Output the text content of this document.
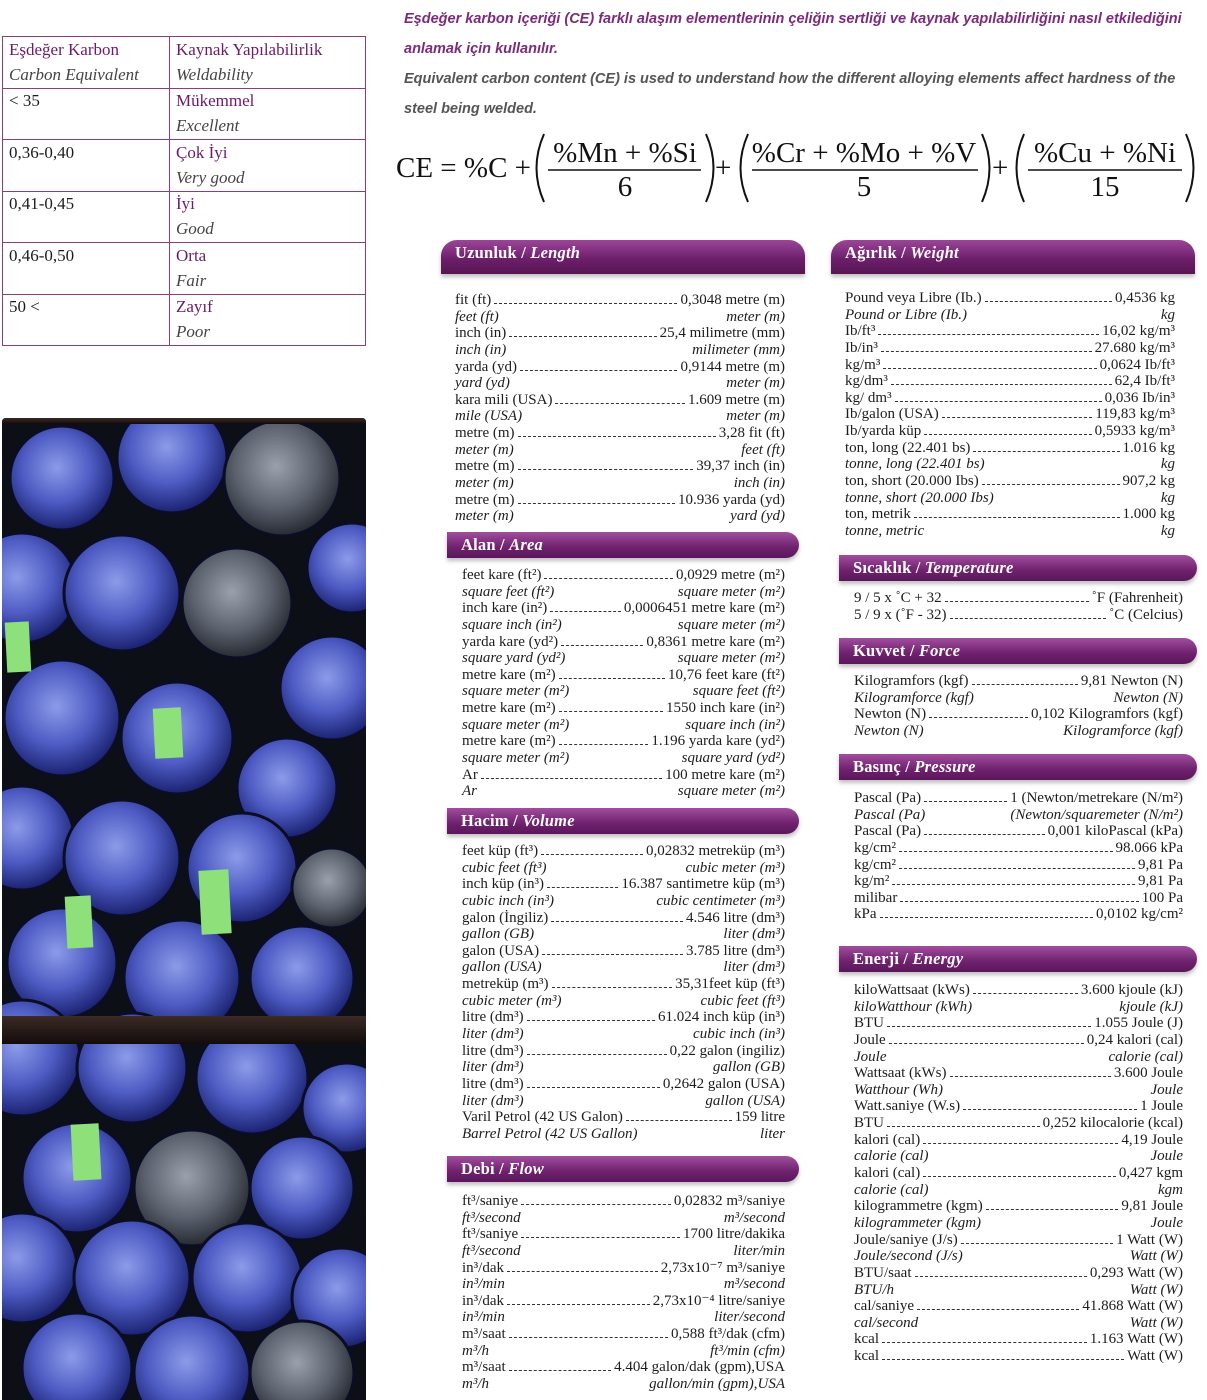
Eşdeğer karbon içeriği (CE) farklı alaşım elementlerinin çeliğin sertliği ve kaynak yapılabilirliğini nasıl etkilediğini anlamak için kullanılır.
Equivalent carbon content (CE) is used to understand how the different alloying elements affect hardness of the steel being welded.
CE = %C + %Mn + %Si
6
+ %Cr + %Mo + %V
5
+ %Cu + %Ni
15
Eşdeğer Karbon	Kaynak Yapılabilirlik
Carbon Equivalent	Weldability
< 35	Mükemmel
	Excellent
0,36-0,40	Çok İyi
	Very good
0,41-0,45	İyi
	Good
0,46-0,50	Orta
	Fair
50 <	Zayıf
	Poor
Uzunluk / Length
fit (ft)	0,3048 metre (m)
feet (ft)	meter (m)
inch (in)	25,4 milimetre (mm)
inch (in)	milimeter (mm)
yarda (yd)	0,9144 metre (m)
yard (yd)	meter (m)
kara mili (USA)	1.609 metre (m)
mile (USA)	meter (m)
metre (m)	3,28 fit (ft)
meter (m)	feet (ft)
metre (m)	39,37 inch (in)
meter (m)	inch (in)
metre (m)	10.936 yarda (yd)
meter (m)	yard (yd)
Alan / Area
feet kare (ft²)	0,0929 metre (m²)
square feet (ft²)	square meter (m²)
inch kare (in²)	0,0006451 metre kare (m²)
square inch (in²)	square meter (m²)
yarda kare (yd²)	0,8361 metre kare (m²)
square yard (yd²)	square meter (m²)
metre kare (m²)	10,76 feet kare (ft²)
square meter (m²)	square feet (ft²)
metre kare (m²)	1550 inch kare (in²)
square meter (m²)	square inch (in²)
metre kare (m²)	1.196 yarda kare (yd²)
square meter (m²)	square yard (yd²)
Ar	100 metre kare (m²)
Ar	square meter (m²)
Hacim / Volume
feet küp (ft³)	0,02832 metreküp (m³)
cubic feet (ft³)	cubic meter (m³)
inch küp (in³)	16.387 santimetre küp (m³)
cubic inch (in³)	cubic centimeter (m³)
galon (İngiliz)	4.546 litre (dm³)
gallon (GB)	liter (dm³)
galon (USA)	3.785 litre (dm³)
gallon (USA)	liter (dm³)
metreküp (m³)	35,31feet küp (ft³)
cubic meter (m³)	cubic feet (ft³)
litre (dm³)	61.024 inch küp (in³)
liter (dm³)	cubic inch (in³)
litre (dm³)	0,22 galon (ingiliz)
liter (dm³)	gallon (GB)
litre (dm³)	0,2642 galon (USA)
liter (dm³)	gallon (USA)
Varil Petrol (42 US Galon)	159 litre
Barrel Petrol (42 US Gallon)	liter
Debi / Flow
ft³/saniye	0,02832 m³/saniye
ft³/second	m³/second
ft³/saniye	1700 litre/dakika
ft³/second	liter/min
in³/dak	2,73x10⁻⁷ m³/saniye
in³/min	m³/second
in³/dak	2,73x10⁻⁴ litre/saniye
in³/min	liter/second
m³/saat	0,588 ft³/dak (cfm)
m³/h	ft³/min (cfm)
m³/saat	4.404 galon/dak (gpm),USA
m³/h	gallon/min (gpm),USA
Ağırlık / Weight
Pound veya Libre (Ib.)	0,4536 kg
Pound or Libre (Ib.)	kg
Ib/ft³	16,02 kg/m³
Ib/in³	27.680 kg/m³
kg/m³	0,0624 Ib/ft³
kg/dm³	62,4 Ib/ft³
kg/ dm³	0,036 Ib/in³
Ib/galon (USA)	119,83 kg/m³
Ib/yarda küp	0,5933 kg/m³
ton, long (22.401 bs)	1.016 kg
tonne, long (22.401 bs)	kg
ton, short (20.000 Ibs)	907,2 kg
tonne, short (20.000 Ibs)	kg
ton, metrik	1.000 kg
tonne, metric	kg
Sıcaklık / Temperature
9 / 5 x ˚C + 32	˚F (Fahrenheit)
5 / 9 x (˚F - 32)	˚C (Celcius)
Kuvvet / Force
Kilogramfors (kgf)	9,81 Newton (N)
Kilogramforce (kgf)	Newton (N)
Newton (N)	0,102 Kilogramfors (kgf)
Newton (N)	Kilogramforce (kgf)
Basınç / Pressure
Pascal (Pa)	1 (Newton/metrekare (N/m²)
Pascal (Pa)	(Newton/squaremeter (N/m²)
Pascal (Pa)	0,001 kiloPascal (kPa)
kg/cm²	98.066 kPa
kg/cm²	9,81 Pa
kg/m²	9,81 Pa
milibar	100 Pa
kPa	0,0102 kg/cm²
Enerji / Energy
kiloWattsaat (kWs)	3.600 kjoule (kJ)
kiloWatthour (kWh)	kjoule (kJ)
BTU	1.055 Joule (J)
Joule	0,24 kalori (cal)
Joule	calorie (cal)
Wattsaat (kWs)	3.600 Joule
Watthour (Wh)	Joule
Watt.saniye (W.s)	1 Joule
BTU	0,252 kilocalorie (kcal)
kalori (cal)	4,19 Joule
calorie (cal)	Joule
kalori (cal)	0,427 kgm
calorie (cal)	kgm
kilogrammetre (kgm)	9,81 Joule
kilogrammeter (kgm)	Joule
Joule/saniye (J/s)	1 Watt (W)
Joule/second (J/s)	Watt (W)
BTU/saat	0,293 Watt (W)
BTU/h	Watt (W)
cal/saniye	41.868 Watt (W)
cal/second	Watt (W)
kcal	1.163 Watt (W)
kcal	Watt (W)
